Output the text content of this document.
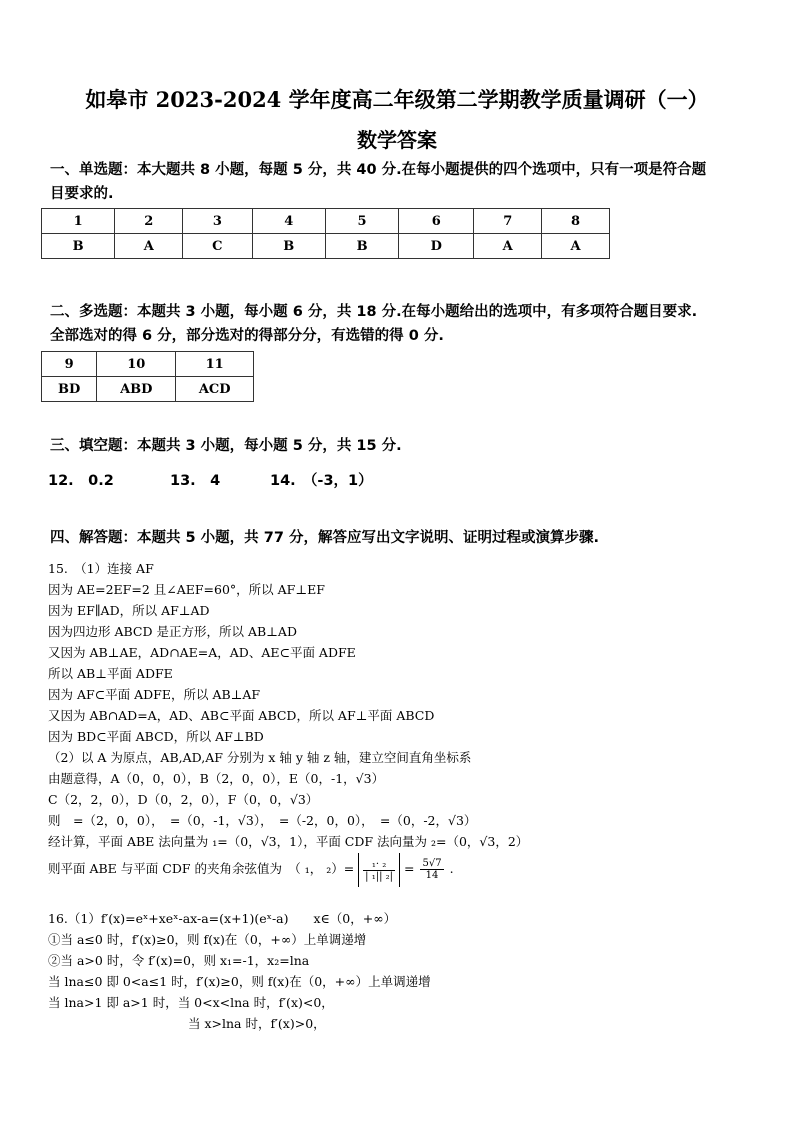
如皋市 2023-2024 学年度高二年级第二学期教学质量调研（一）
数学答案
一、单选题：本大题共 8 小题，每题 5 分，共 40 分.在每小题提供的四个选项中，只有一项是符合题
目要求的.
1	2	3	4	5	6	7	8
B	A	C	B	B	D	A	A
二、多选题：本题共 3 小题，每小题 6 分，共 18 分.在每小题给出的选项中，有多项符合题目要求.
全部选对的得 6 分，部分选对的得部分分，有选错的得 0 分.
9	10	11
BD	ABD	ACD
三、填空题：本题共 3 小题，每小题 5 分，共 15 分.
12.　0.2	13.　4	14.　（-3，1）
四、解答题：本题共 5 小题，共 77 分，解答应写出文字说明、证明过程或演算步骤.
15.　（1）连接 AF
因为 AE=2EF=2 且∠AEF=60°，所以 AF⊥EF
因为 EF∥AD，所以 AF⊥AD
因为四边形 ABCD 是正方形，所以 AB⊥AD
又因为 AB⊥AE，AD∩AE=A，AD、AE⊂平面 ADFE
所以 AB⊥平面 ADFE
因为 AF⊂平面 ADFE，所以 AB⊥AF
又因为 AB∩AD=A，AD、AB⊂平面 ABCD，所以 AF⊥平面 ABCD
因为 BD⊂平面 ABCD，所以 AF⊥BD
（2）以 A 为原点，AB,AD,AF 分别为 x 轴 y 轴 z 轴，建立空间直角坐标系
由题意得，A（0，0，0），B（2，0，0），E（0，-1，√3）
C（2，2，0），D（0，2，0），F（0，0，√3）
则　=（2，0，0），　=（0，-1，√3），　=（-2，0，0），　=（0，-2，√3）
经计算，平面 ABE 法向量为 ₁=（0，√3，1），平面 CDF 法向量为 ₂=（0，√3，2）
则平面 ABE 与平面 CDF 的夹角余弦值为　（ ₁， $_2)= \frac{\text{₁· ₂}}{\text{| ₁|| ₂|}} = \frac{5√7}{14}$ .
16.（1）f′(x)=eˣ+xeˣ-ax-a=(x+1)(eˣ-a)　　x∈（0，+∞）
①当 a≤0 时，f′(x)≥0，则 f(x)在（0，+∞）上单调递增
②当 a>0 时，令 f′(x)=0，则 x₁=-1，x₂=lna
当 lna≤0 即 0<a≤1 时，f′(x)≥0，则 f(x)在（0，+∞）上单调递增
当 lna>1 即 a>1 时，当 0<x<lna 时，f′(x)<0，
当 x>lna 时，f′(x)>0，
